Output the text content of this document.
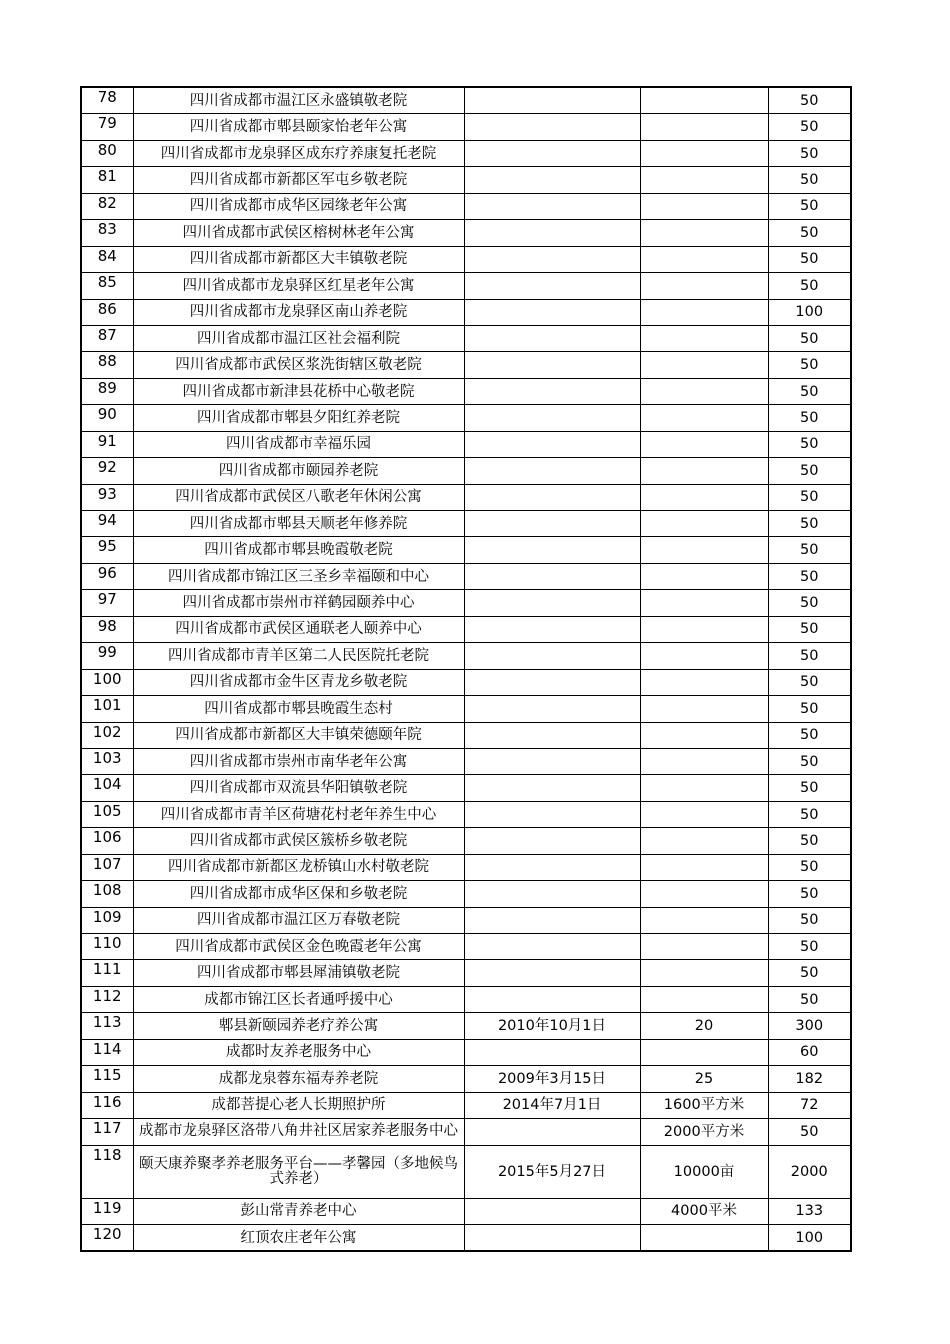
78	四川省成都市温江区永盛镇敬老院			50
79	四川省成都市郫县颐家怡老年公寓			50
80	四川省成都市龙泉驿区成东疗养康复托老院			50
81	四川省成都市新都区军屯乡敬老院			50
82	四川省成都市成华区园缘老年公寓			50
83	四川省成都市武侯区榕树林老年公寓			50
84	四川省成都市新都区大丰镇敬老院			50
85	四川省成都市龙泉驿区红星老年公寓			50
86	四川省成都市龙泉驿区南山养老院			100
87	四川省成都市温江区社会福利院			50
88	四川省成都市武侯区浆洗街辖区敬老院			50
89	四川省成都市新津县花桥中心敬老院			50
90	四川省成都市郫县夕阳红养老院			50
91	四川省成都市幸福乐园			50
92	四川省成都市颐园养老院			50
93	四川省成都市武侯区八歌老年休闲公寓			50
94	四川省成都市郫县天顺老年修养院			50
95	四川省成都市郫县晚霞敬老院			50
96	四川省成都市锦江区三圣乡幸福颐和中心			50
97	四川省成都市崇州市祥鹤园颐养中心			50
98	四川省成都市武侯区通联老人颐养中心			50
99	四川省成都市青羊区第二人民医院托老院			50
100	四川省成都市金牛区青龙乡敬老院			50
101	四川省成都市郫县晚霞生态村			50
102	四川省成都市新都区大丰镇荣德颐年院			50
103	四川省成都市崇州市南华老年公寓			50
104	四川省成都市双流县华阳镇敬老院			50
105	四川省成都市青羊区荷塘花村老年养生中心			50
106	四川省成都市武侯区簇桥乡敬老院			50
107	四川省成都市新都区龙桥镇山水村敬老院			50
108	四川省成都市成华区保和乡敬老院			50
109	四川省成都市温江区万春敬老院			50
110	四川省成都市武侯区金色晚霞老年公寓			50
111	四川省成都市郫县犀浦镇敬老院			50
112	成都市锦江区长者通呼援中心			50
113	郫县新颐园养老疗养公寓	2010年10月1日	20	300
114	成都时友养老服务中心			60
115	成都龙泉蓉东福寿养老院	2009年3月15日	25	182
116	成都菩提心老人长期照护所	2014年7月1日	1600平方米	72
117	成都市龙泉驿区洛带八角井社区居家养老服务中心		2000平方米	50
118	颐天康养聚孝养老服务平台——孝馨园（多地候鸟式养老）	2015年5月27日	10000亩	2000
119	彭山常青养老中心		4000平米	133
120	红顶农庄老年公寓			100
